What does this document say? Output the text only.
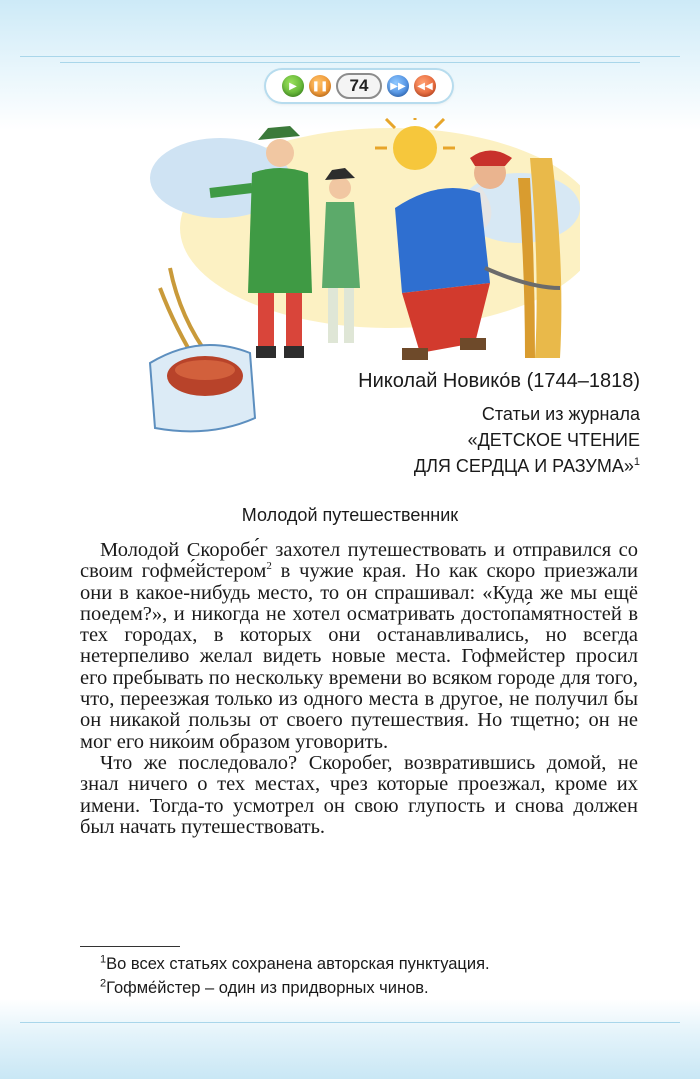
▶	❚❚	74	▶▶	◀◀
Николай Новико́в (1744–1818)
Статьи из журнала
«ДЕТСКОЕ ЧТЕНИЕ
ДЛЯ СЕРДЦА И РАЗУМА»$^1$
Молодой путешественник

Молодой Скоробе́г захотел путешествовать и отправился со своим гофме́йстером$^2$ в чужие края. Но как скоро приезжали они в какое-нибудь место, то он спрашивал: «Куда же мы ещё поедем?», и никогда не хотел осматривать достопа́мятностей в тех городах, в которых они останавливались, но всегда нетерпеливо желал видеть новые места. Гофмейстер просил его пребывать по нескольку времени во всяком городе для того, что, переезжая только из одного места в другое, не получил бы он никакой пользы от своего путешествия. Но тщетно; он не мог его нико́им образом уговорить.

Что же последовало? Скоробег, возвратившись домой, не знал ничего о тех местах, чрез которые проезжал, кроме их имени. Тогда-то усмотрел он свою глупость и снова должен был начать путешествовать.

$^1$Во всех статьях сохранена авторская пунктуация.

$^2$Гофме́йстер – один из придворных чинов.
